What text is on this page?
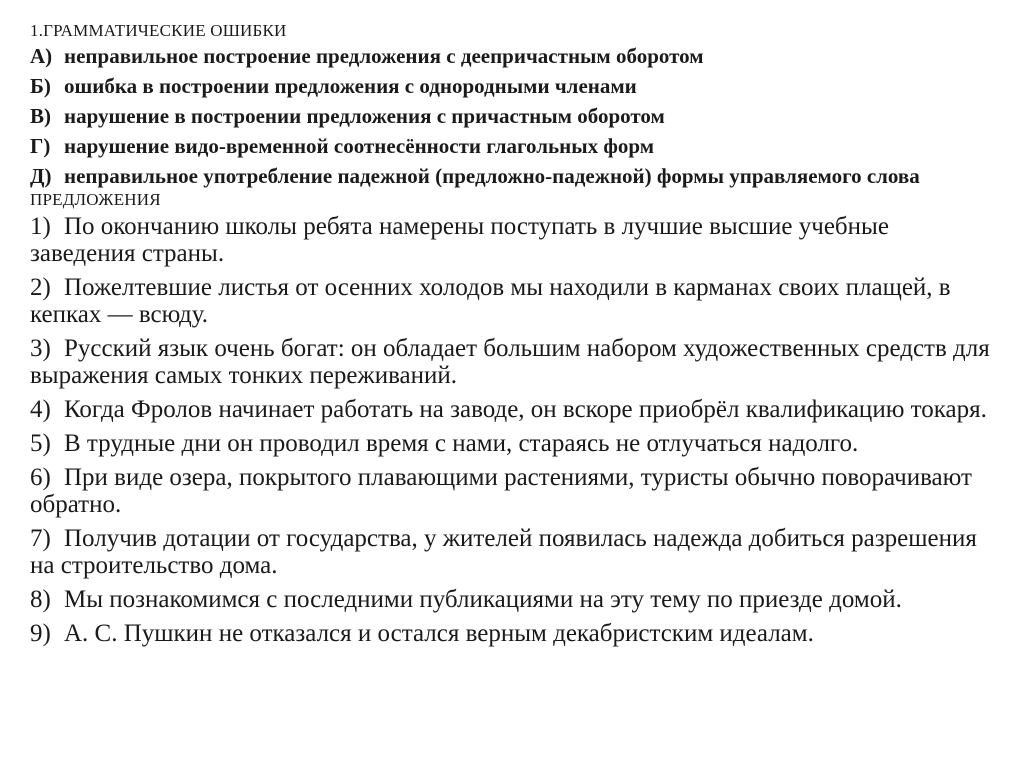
1.ГРАММАТИЧЕСКИЕ ОШИБКИ
А) неправильное построение предложения с деепричастным оборотом
Б) ошибка в построении предложения с однородными членами
В) нарушение в построении предложения с причастным оборотом
Г) нарушение видо-временной соотнесённости глагольных форм
Д) неправильное употребление падежной (предложно-падежной) формы управляемого слова
ПРЕДЛОЖЕНИЯ
1) По окончанию школы ребята намерены поступать в лучшие высшие учебные заведения страны.
2) Пожелтевшие листья от осенних холодов мы находили в карманах своих плащей, в кепках — всюду.
3) Русский язык очень богат: он обладает большим набором художественных средств для выражения самых тонких переживаний.
4) Когда Фролов начинает работать на заводе, он вскоре приобрёл квалификацию токаря.
5) В трудные дни он проводил время с нами, стараясь не отлучаться надолго.
6) При виде озера, покрытого плавающими растениями, туристы обычно поворачивают обратно.
7) Получив дотации от государства, у жителей появилась надежда добиться разрешения на строительство дома.
8) Мы познакомимся с последними публикациями на эту тему по приезде домой.
9) А. С. Пушкин не отказался и остался верным декабристским идеалам.
